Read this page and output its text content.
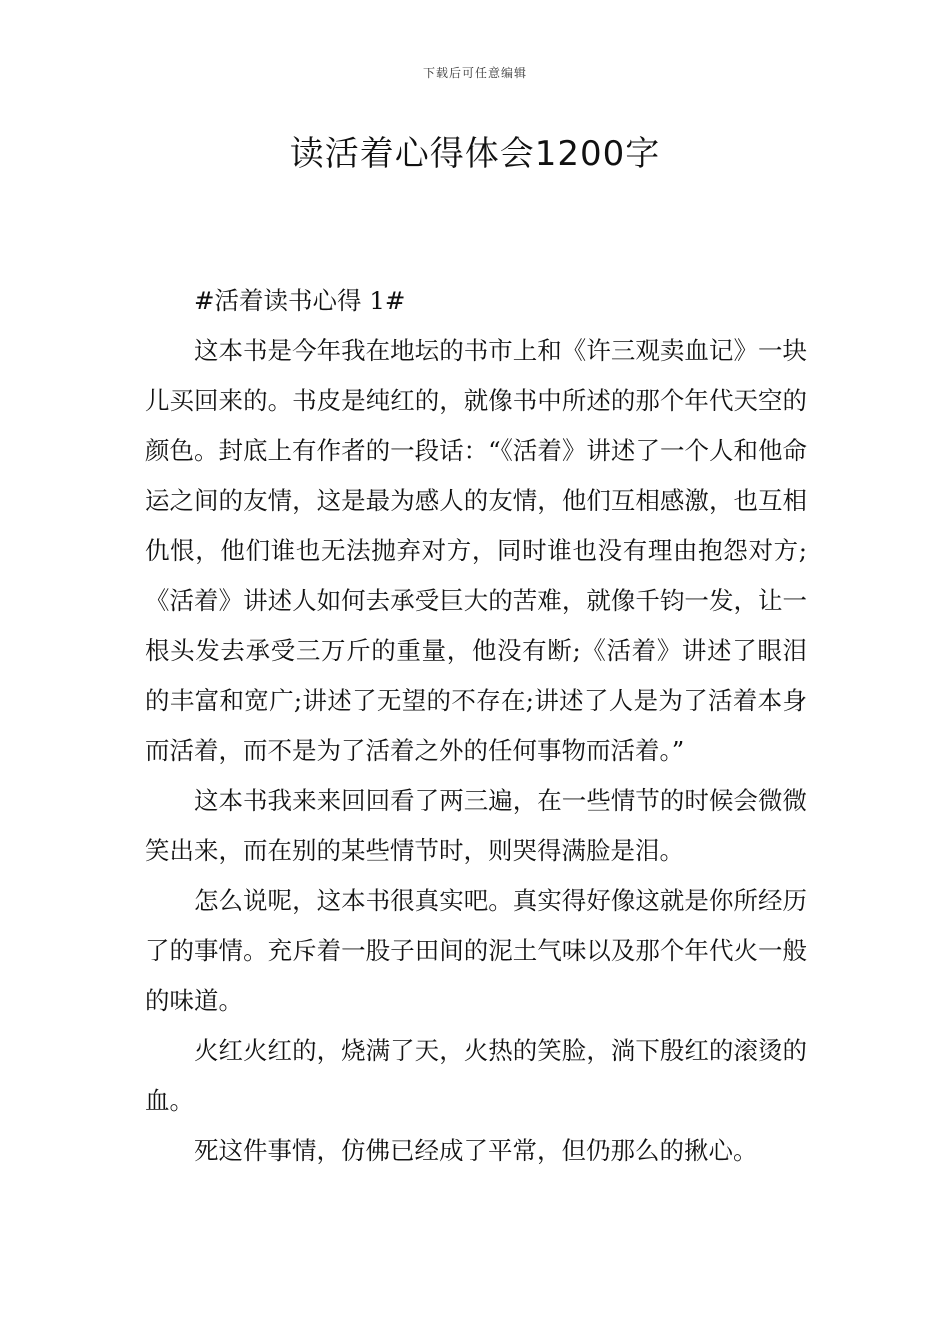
下载后可任意编辑
读活着心得体会1200字

#活着读书心得 1#

这本书是今年我在地坛的书市上和《许三观卖血记》一块儿买回来的。书皮是纯红的，就像书中所述的那个年代天空的颜色。封底上有作者的一段话：“《活着》讲述了一个人和他命运之间的友情，这是最为感人的友情，他们互相感激，也互相仇恨，他们谁也无法抛弃对方，同时谁也没有理由抱怨对方;《活着》讲述人如何去承受巨大的苦难，就像千钧一发，让一根头发去承受三万斤的重量，他没有断;《活着》讲述了眼泪的丰富和宽广;讲述了无望的不存在;讲述了人是为了活着本身而活着，而不是为了活着之外的任何事物而活着。”

这本书我来来回回看了两三遍，在一些情节的时候会微微笑出来，而在别的某些情节时，则哭得满脸是泪。

怎么说呢，这本书很真实吧。真实得好像这就是你所经历了的事情。充斥着一股子田间的泥土气味以及那个年代火一般的味道。

火红火红的，烧满了天，火热的笑脸，淌下殷红的滚烫的血。

死这件事情，仿佛已经成了平常，但仍那么的揪心。
